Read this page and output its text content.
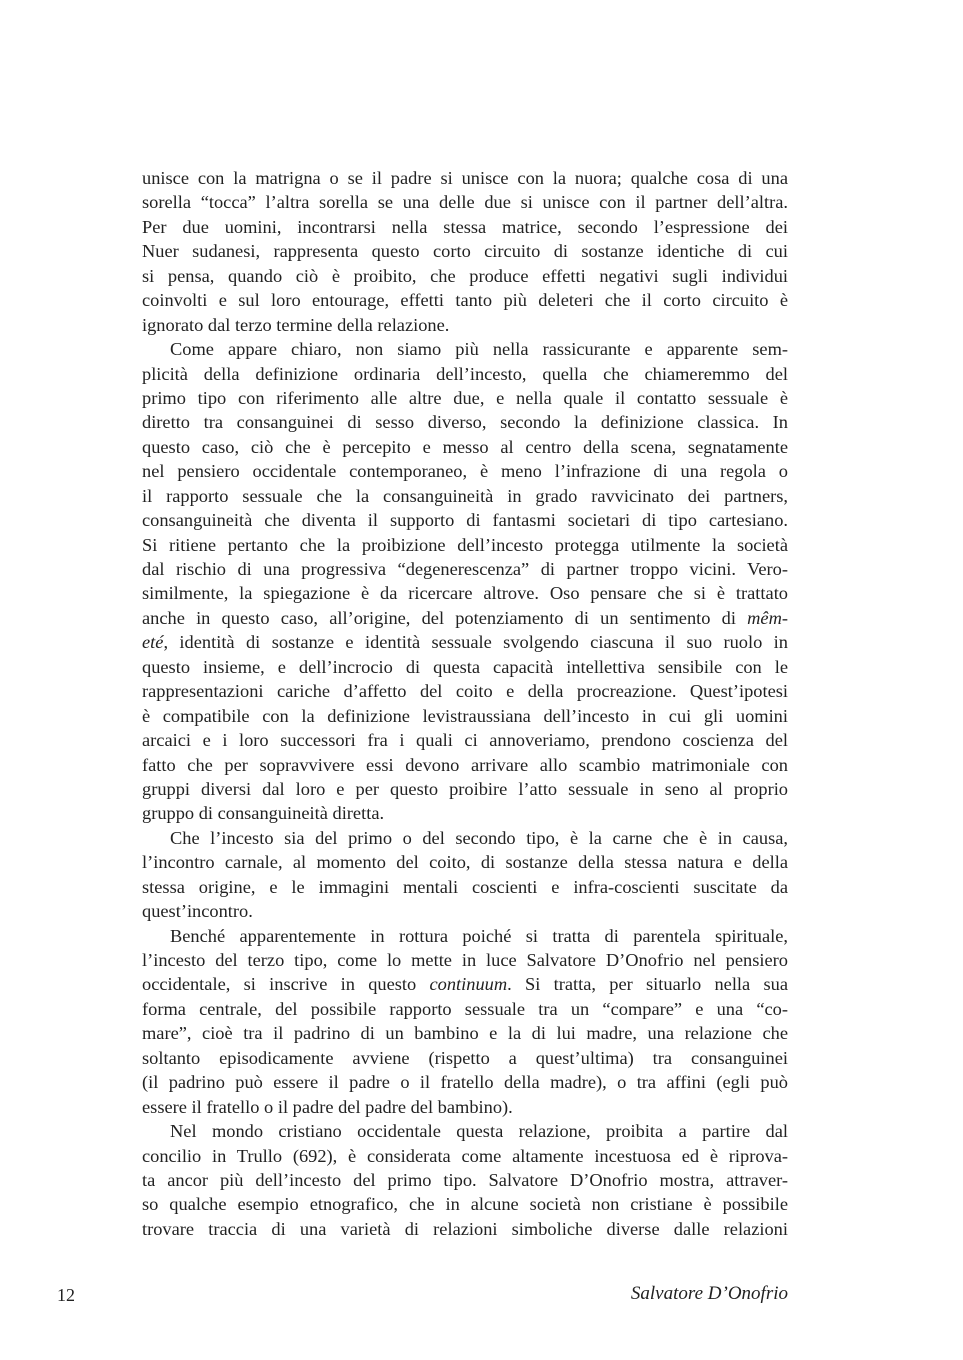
unisce con la matrigna o se il padre si unisce con la nuora; qualche cosa di una
sorella “tocca” l’altra sorella se una delle due si unisce con il partner dell’altra.
Per due uomini, incontrarsi nella stessa matrice, secondo l’espressione dei
Nuer sudanesi, rappresenta questo corto circuito di sostanze identiche di cui
si pensa, quando ciò è proibito, che produce effetti negativi sugli individui
coinvolti e sul loro entourage, effetti tanto più deleteri che il corto circuito è
ignorato dal terzo termine della relazione.
Come appare chiaro, non siamo più nella rassicurante e apparente sem-
plicità della definizione ordinaria dell’incesto, quella che chiameremmo del
primo tipo con riferimento alle altre due, e nella quale il contatto sessuale è
diretto tra consanguinei di sesso diverso, secondo la definizione classica. In
questo caso, ciò che è percepito e messo al centro della scena, segnatamente
nel pensiero occidentale contemporaneo, è meno l’infrazione di una regola o
il rapporto sessuale che la consanguineità in grado ravvicinato dei partners,
consanguineità che diventa il supporto di fantasmi societari di tipo cartesiano.
Si ritiene pertanto che la proibizione dell’incesto protegga utilmente la società
dal rischio di una progressiva “degenerescenza” di partner troppo vicini. Vero-
similmente, la spiegazione è da ricercare altrove. Oso pensare che si è trattato
anche in questo caso, all’origine, del potenziamento di un sentimento di mêm-
eté, identità di sostanze e identità sessuale svolgendo ciascuna il suo ruolo in
questo insieme, e dell’incrocio di questa capacità intellettiva sensibile con le
rappresentazioni cariche d’affetto del coito e della procreazione. Quest’ipotesi
è compatibile con la definizione levistraussiana dell’incesto in cui gli uomini
arcaici e i loro successori fra i quali ci annoveriamo, prendono coscienza del
fatto che per sopravvivere essi devono arrivare allo scambio matrimoniale con
gruppi diversi dal loro e per questo proibire l’atto sessuale in seno al proprio
gruppo di consanguineità diretta.
Che l’incesto sia del primo o del secondo tipo, è la carne che è in causa,
l’incontro carnale, al momento del coito, di sostanze della stessa natura e della
stessa origine, e le immagini mentali coscienti e infra-coscienti suscitate da
quest’incontro.
Benché apparentemente in rottura poiché si tratta di parentela spirituale,
l’incesto del terzo tipo, come lo mette in luce Salvatore D’Onofrio nel pensiero
occidentale, si inscrive in questo continuum. Si tratta, per situarlo nella sua
forma centrale, del possibile rapporto sessuale tra un “compare” e una “co-
mare”, cioè tra il padrino di un bambino e la di lui madre, una relazione che
soltanto episodicamente avviene (rispetto a quest’ultima) tra consanguinei
(il padrino può essere il padre o il fratello della madre), o tra affini (egli può
essere il fratello o il padre del padre del bambino).
Nel mondo cristiano occidentale questa relazione, proibita a partire dal
concilio in Trullo (692), è considerata come altamente incestuosa ed è riprova-
ta ancor più dell’incesto del primo tipo. Salvatore D’Onofrio mostra, attraver-
so qualche esempio etnografico, che in alcune società non cristiane è possibile
trovare traccia di una varietà di relazioni simboliche diverse dalle relazioni
12	Salvatore D’Onofrio
